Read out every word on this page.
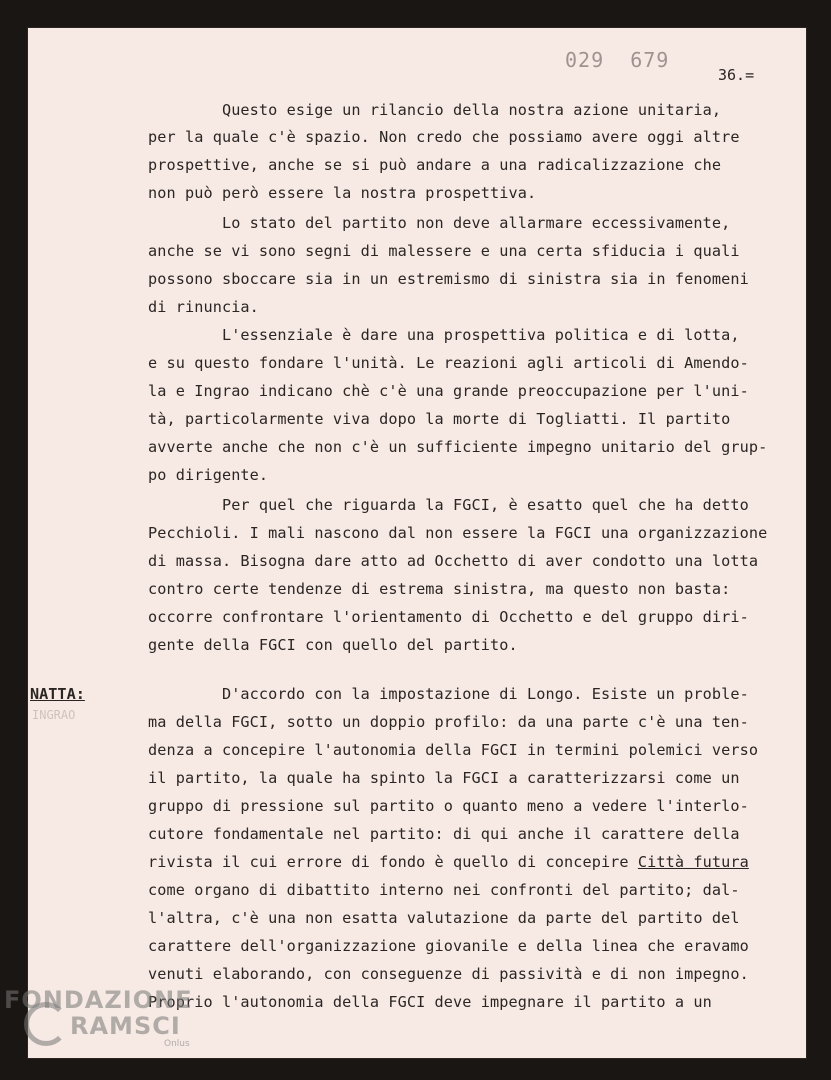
029  679
36.=
NATTA:
INGRAO
Questo esige un rilancio della nostra azione unitaria,
per la quale c'è spazio. Non credo che possiamo avere oggi altre
prospettive, anche se si può andare a una radicalizzazione che
non può però essere la nostra prospettiva.
Lo stato del partito non deve allarmare eccessivamente,
anche se vi sono segni di malessere e una certa sfiducia i quali
possono sboccare sia in un estremismo di sinistra sia in fenomeni
di rinuncia.
L'essenziale è dare una prospettiva politica e di lotta,
e su questo fondare l'unità. Le reazioni agli articoli di Amendo-
la e Ingrao indicano chè c'è una grande preoccupazione per l'uni-
tà, particolarmente viva dopo la morte di Togliatti. Il partito
avverte anche che non c'è un sufficiente impegno unitario del grup-
po dirigente.
Per quel che riguarda la FGCI, è esatto quel che ha detto
Pecchioli. I mali nascono dal non essere la FGCI una organizzazione
di massa. Bisogna dare atto ad Occhetto di aver condotto una lotta
contro certe tendenze di estrema sinistra, ma questo non basta:
occorre confrontare l'orientamento di Occhetto e del gruppo diri-
gente della FGCI con quello del partito.
D'accordo con la impostazione di Longo. Esiste un proble-
ma della FGCI, sotto un doppio profilo: da una parte c'è una ten-
denza a concepire l'autonomia della FGCI in termini polemici verso
il partito, la quale ha spinto la FGCI a caratterizzarsi come un
gruppo di pressione sul partito o quanto meno a vedere l'interlo-
cutore fondamentale nel partito: di qui anche il carattere della
rivista il cui errore di fondo è quello di concepire Città futura
come organo di dibattito interno nei confronti del partito; dal-
l'altra, c'è una non esatta valutazione da parte del partito del
carattere dell'organizzazione giovanile e della linea che eravamo
venuti elaborando, con conseguenze di passività e di non impegno.
Proprio l'autonomia della FGCI deve impegnare il partito a un
FONDAZIONE
RAMSCI
Onlus
